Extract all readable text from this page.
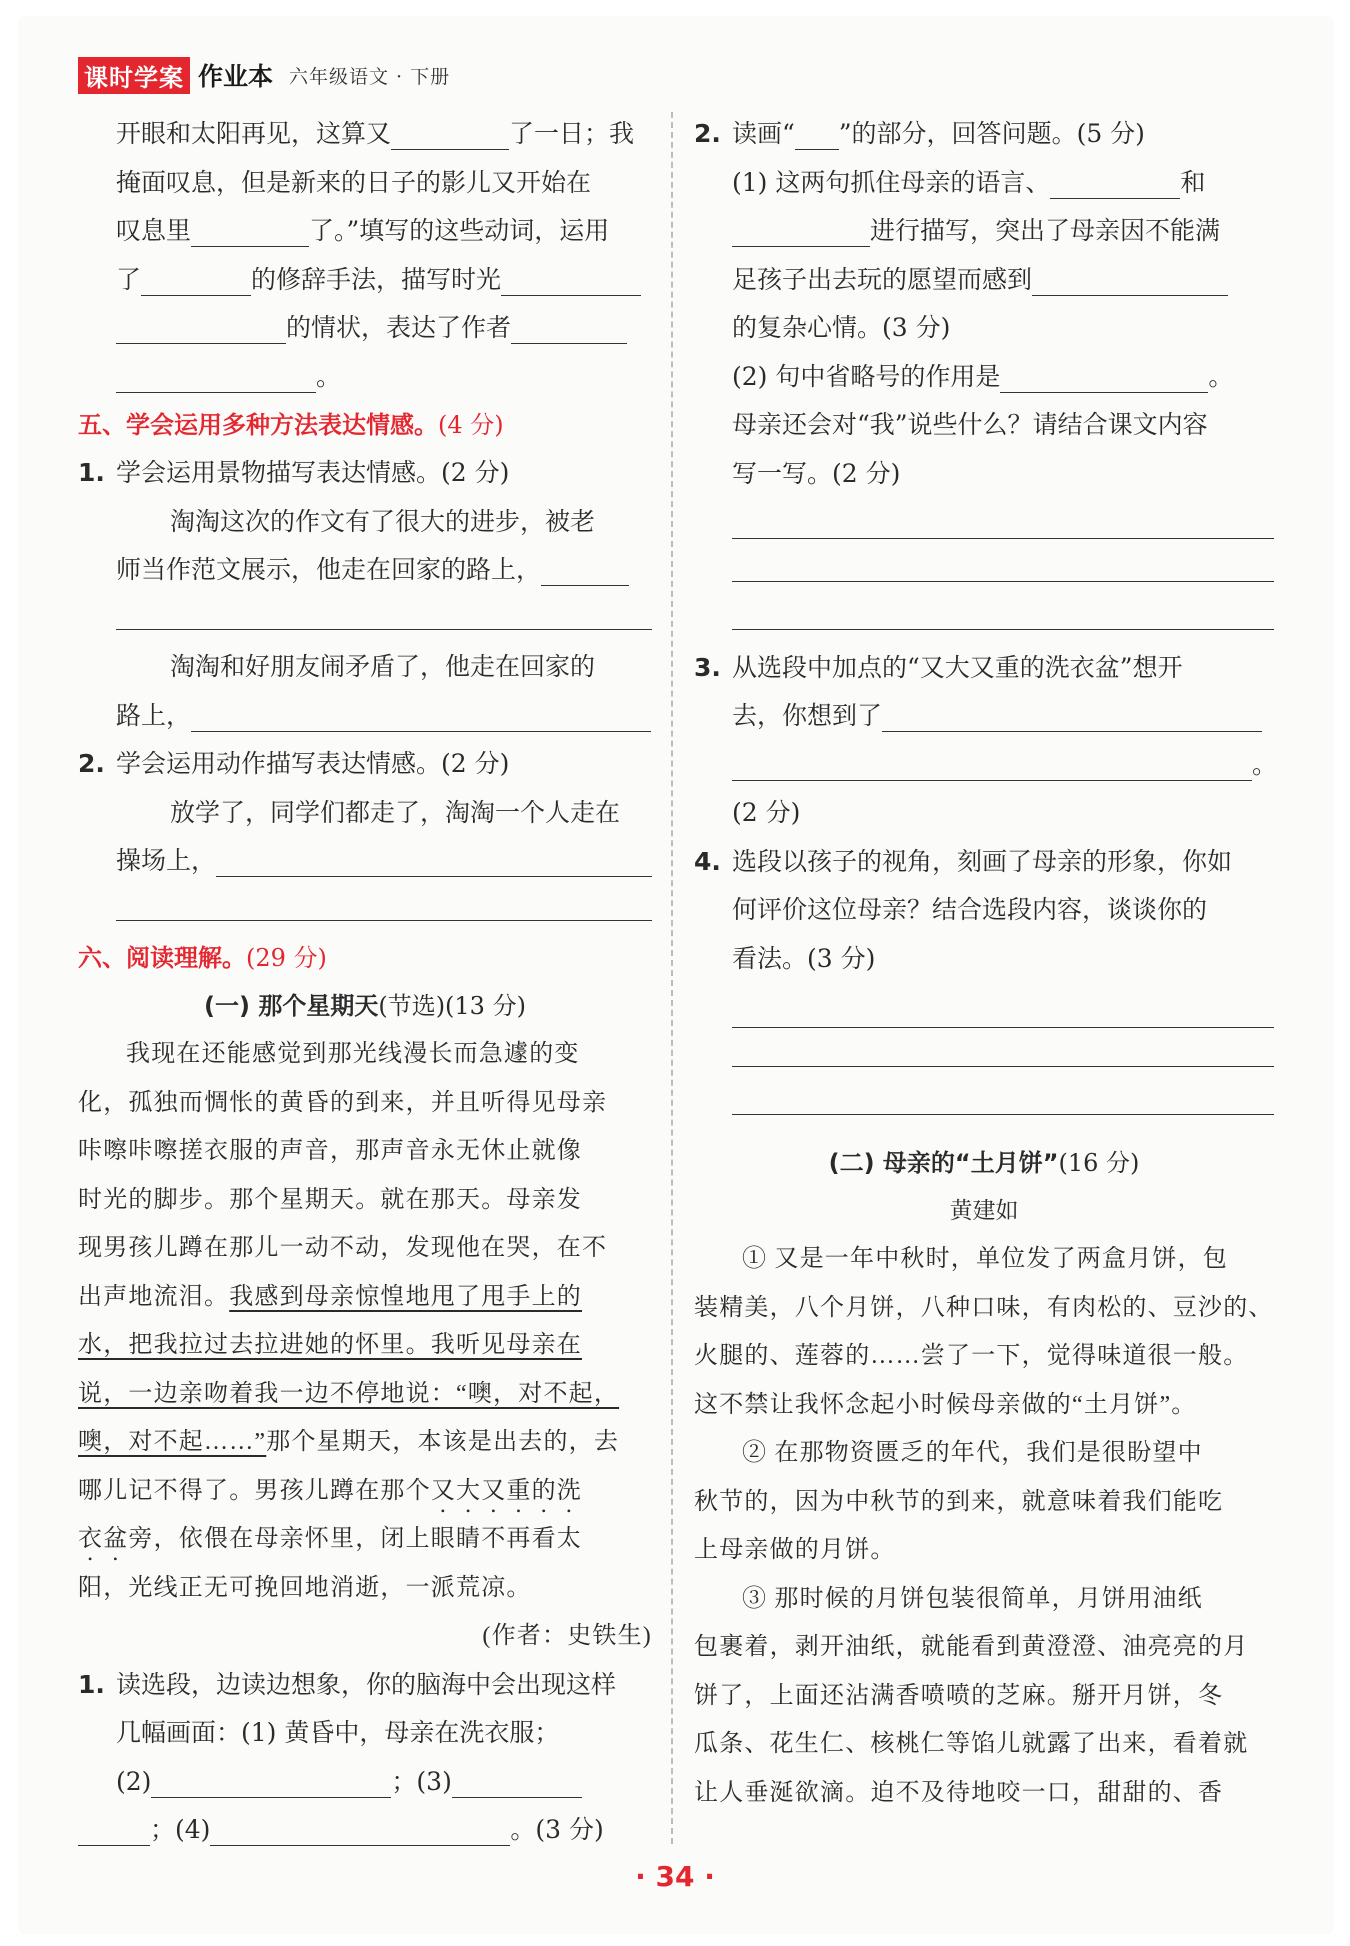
课时学案 作业本 六年级语文 · 下册
开眼和太阳再见，这算又	了一日；我
掩面叹息，但是新来的日子的影儿又开始在
叹息里	了。”填写的这些动词，运用
了	的修辞手法，描写时光
的情状，表达了作者
。
五、学会运用多种方法表达情感。(4 分)
1. 学会运用景物描写表达情感。(2 分)
淘淘这次的作文有了很大的进步，被老
师当作范文展示，他走在回家的路上，
淘淘和好朋友闹矛盾了，他走在回家的
路上，
2. 学会运用动作描写表达情感。(2 分)
放学了，同学们都走了，淘淘一个人走在
操场上，
六、阅读理解。(29 分)
(一) 那个星期天(节选)(13 分)
我现在还能感觉到那光线漫长而急遽的变
化，孤独而惆怅的黄昏的到来，并且听得见母亲
咔嚓咔嚓搓衣服的声音，那声音永无休止就像
时光的脚步。那个星期天。就在那天。母亲发
现男孩儿蹲在那儿一动不动，发现他在哭，在不
出声地流泪。我感到母亲惊惶地甩了甩手上的
水，把我拉过去拉进她的怀里。我听见母亲在
说，一边亲吻着我一边不停地说：“噢，对不起，
噢，对不起……”那个星期天，本该是出去的，去
哪儿记不得了。男孩儿蹲在那个又大又重的洗
衣盆旁，依偎在母亲怀里，闭上眼睛不再看太
阳，光线正无可挽回地消逝，一派荒凉。
(作者：史铁生)
1. 读选段，边读边想象，你的脑海中会出现这样
几幅画面：(1) 黄昏中，母亲在洗衣服；
(2)	；(3)
；(4)	。(3 分)
2. 读画“ ”的部分，回答问题。(5 分)
(1) 这两句抓住母亲的语言、	和
进行描写，突出了母亲因不能满
足孩子出去玩的愿望而感到
的复杂心情。(3 分)
(2) 句中省略号的作用是	。
母亲还会对“我”说些什么？请结合课文内容
写一写。(2 分)
3. 从选段中加点的“又大又重的洗衣盆”想开
去，你想到了
。
(2 分)
4. 选段以孩子的视角，刻画了母亲的形象，你如
何评价这位母亲？结合选段内容，谈谈你的
看法。(3 分)
(二) 母亲的“土月饼”(16 分)
黄建如
① 又是一年中秋时，单位发了两盒月饼，包
装精美，八个月饼，八种口味，有肉松的、豆沙的、
火腿的、莲蓉的……尝了一下，觉得味道很一般。
这不禁让我怀念起小时候母亲做的“土月饼”。
② 在那物资匮乏的年代，我们是很盼望中
秋节的，因为中秋节的到来，就意味着我们能吃
上母亲做的月饼。
③ 那时候的月饼包装很简单，月饼用油纸
包裹着，剥开油纸，就能看到黄澄澄、油亮亮的月
饼了，上面还沾满香喷喷的芝麻。掰开月饼，冬
瓜条、花生仁、核桃仁等馅儿就露了出来，看着就
让人垂涎欲滴。迫不及待地咬一口，甜甜的、香
· 34 ·
